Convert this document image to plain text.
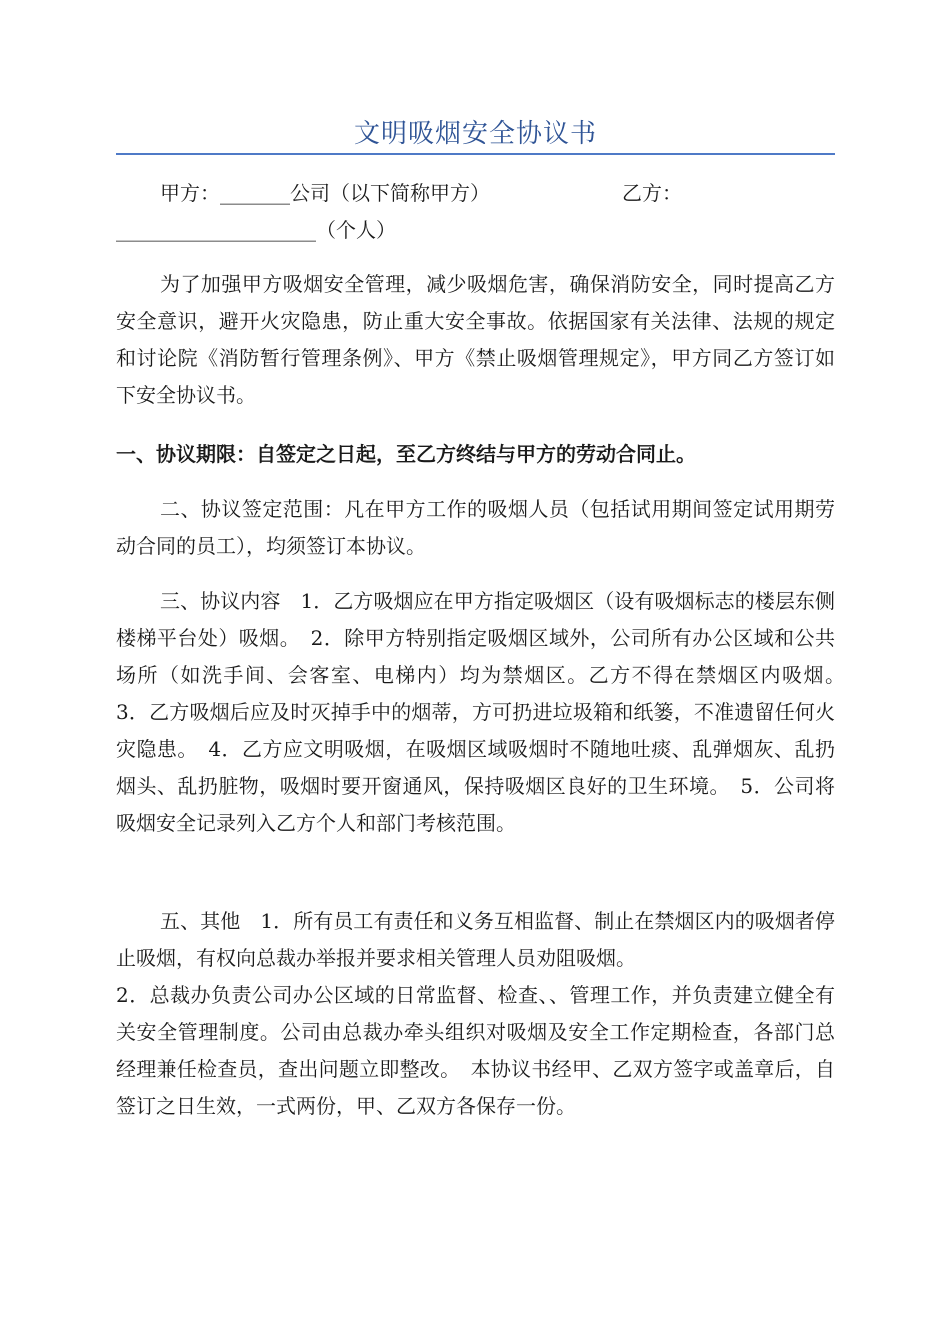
文明吸烟安全协议书
甲方：_______公司（以下简称甲方）	乙方：
____________________（个人）

为了加强甲方吸烟安全管理，减少吸烟危害，确保消防安全，同时提高乙方安全意识，避开火灾隐患，防止重大安全事故。依据国家有关法律、法规的规定和讨论院《消防暂行管理条例》、甲方《禁止吸烟管理规定》，甲方同乙方签订如下安全协议书。

一、协议期限：自签定之日起，至乙方终结与甲方的劳动合同止。

二、协议签定范围：凡在甲方工作的吸烟人员（包括试用期间签定试用期劳动合同的员工），均须签订本协议。

三、协议内容　1．乙方吸烟应在甲方指定吸烟区（设有吸烟标志的楼层东侧楼梯平台处）吸烟。　2．除甲方特别指定吸烟区域外，公司所有办公区域和公共场所（如洗手间、会客室、电梯内）均为禁烟区。乙方不得在禁烟区内吸烟。　3．乙方吸烟后应及时灭掉手中的烟蒂，方可扔进垃圾箱和纸篓，不准遗留任何火灾隐患。　4．乙方应文明吸烟，在吸烟区域吸烟时不随地吐痰、乱弹烟灰、乱扔烟头、乱扔脏物，吸烟时要开窗通风，保持吸烟区良好的卫生环境。　5．公司将吸烟安全记录列入乙方个人和部门考核范围。

五、其他　1．所有员工有责任和义务互相监督、制止在禁烟区内的吸烟者停止吸烟，有权向总裁办举报并要求相关管理人员劝阻吸烟。

2．总裁办负责公司办公区域的日常监督、检查、、管理工作，并负责建立健全有关安全管理制度。公司由总裁办牵头组织对吸烟及安全工作定期检查，各部门总经理兼任检查员，查出问题立即整改。　本协议书经甲、乙双方签字或盖章后，自签订之日生效，一式两份，甲、乙双方各保存一份。
